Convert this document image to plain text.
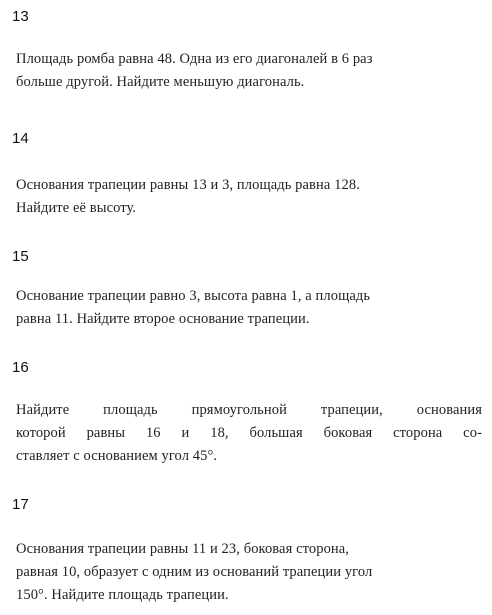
13
Площадь ромба равна 48. Одна из его диагоналей в 6 раз
больше другой. Найдите меньшую диагональ.
14
Основания трапеции равны 13 и 3, площадь равна 128.
Найдите её высоту.
15
Основание трапеции равно 3, высота равна 1, а площадь
равна 11. Найдите второе основание трапеции.
16
Найдите площадь прямоугольной трапеции, основания
которой равны 16 и 18, большая боковая сторона со-
ставляет с основанием угол 45°.
17
Основания трапеции равны 11 и 23, боковая сторона,
равная 10, образует с одним из оснований трапеции угол
150°. Найдите площадь трапеции.
